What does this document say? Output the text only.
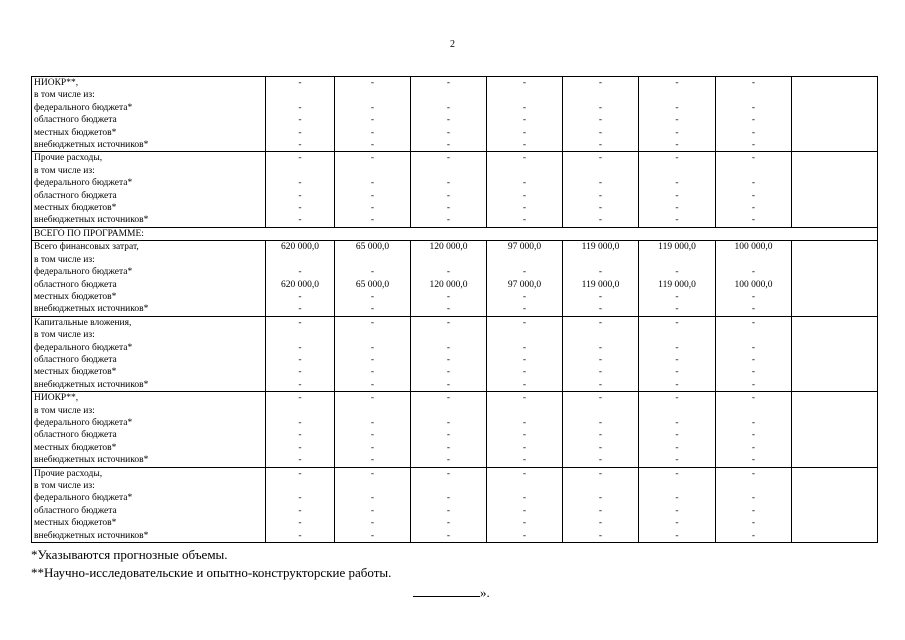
2
НИОКР**,	-	-	-	-	-	-	-	
в том числе из:								
федерального бюджета*	-	-	-	-	-	-	-	
областного бюджета	-	-	-	-	-	-	-	
местных бюджетов*	-	-	-	-	-	-	-	
внебюджетных источников*	-	-	-	-	-	-	-	
Прочие расходы,	-	-	-	-	-	-	-	
в том числе из:								
федерального бюджета*	-	-	-	-	-	-	-	
областного бюджета	-	-	-	-	-	-	-	
местных бюджетов*	-	-	-	-	-	-	-	
внебюджетных источников*	-	-	-	-	-	-	-	
ВСЕГО ПО ПРОГРАММЕ:								
Всего финансовых затрат,	620 000,0	65 000,0	120 000,0	97 000,0	119 000,0	119 000,0	100 000,0	
в том числе из:								
федерального бюджета*	-	-	-	-	-	-	-	
областного бюджета	620 000,0	65 000,0	120 000,0	97 000,0	119 000,0	119 000,0	100 000,0	
местных бюджетов*	-	-	-	-	-	-	-	
внебюджетных источников*	-	-	-	-	-	-	-	
Капитальные вложения,	-	-	-	-	-	-	-	
в том числе из:								
федерального бюджета*	-	-	-	-	-	-	-	
областного бюджета	-	-	-	-	-	-	-	
местных бюджетов*	-	-	-	-	-	-	-	
внебюджетных источников*	-	-	-	-	-	-	-	
НИОКР**,	-	-	-	-	-	-	-	
в том числе из:								
федерального бюджета*	-	-	-	-	-	-	-	
областного бюджета	-	-	-	-	-	-	-	
местных бюджетов*	-	-	-	-	-	-	-	
внебюджетных источников*	-	-	-	-	-	-	-	
Прочие расходы,	-	-	-	-	-	-	-	
в том числе из:								
федерального бюджета*	-	-	-	-	-	-	-	
областного бюджета	-	-	-	-	-	-	-	
местных бюджетов*	-	-	-	-	-	-	-	
внебюджетных источников*	-	-	-	-	-	-	-	
*Указываются прогнозные объемы.
**Научно-исследовательские и опытно-конструкторские работы.
».
